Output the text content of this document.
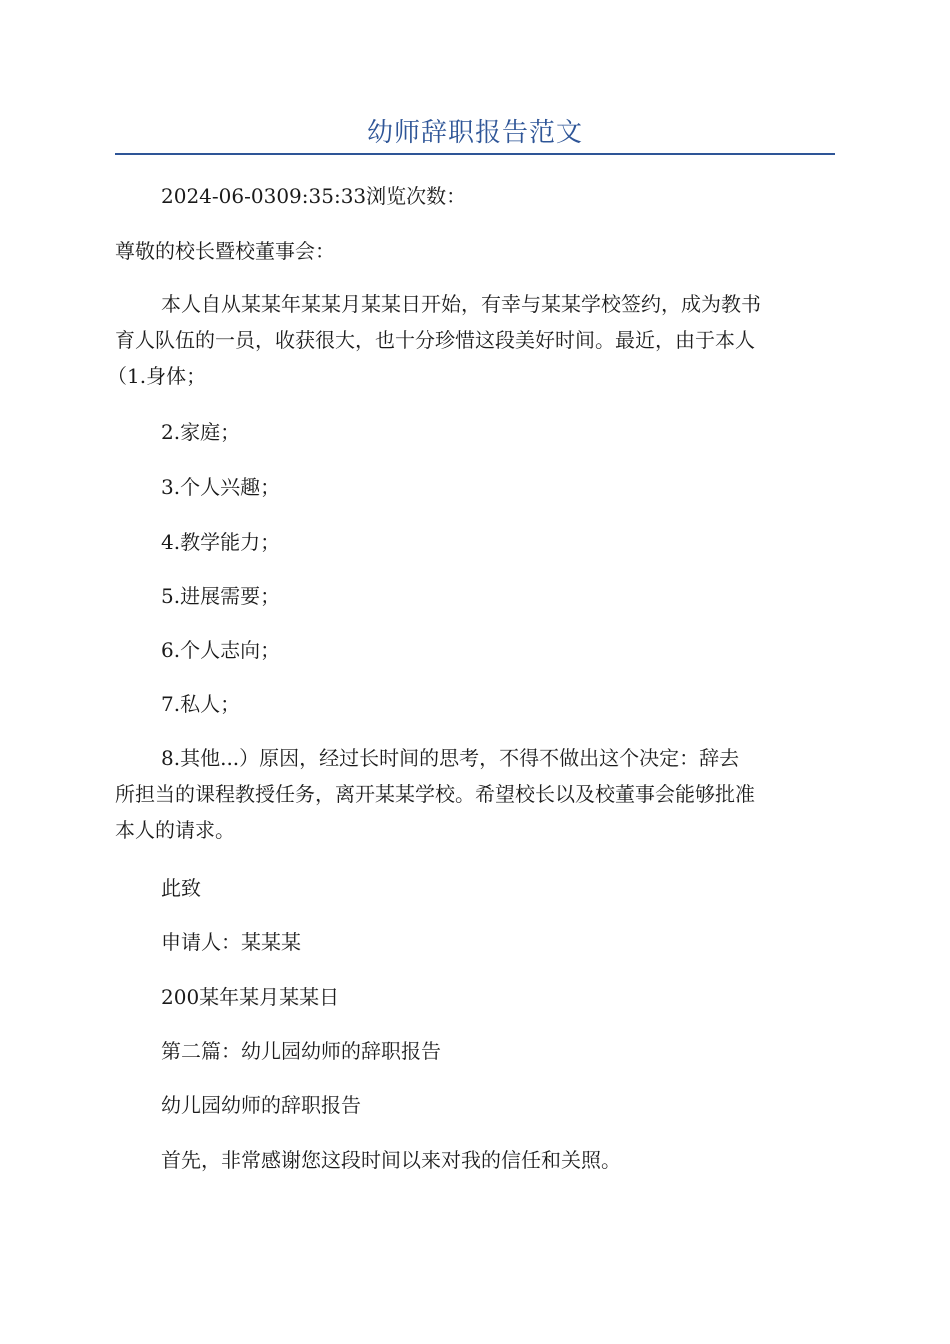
幼师辞职报告范文

2024-06-0309:35:33浏览次数：

尊敬的校长暨校董事会：

本人自从某某年某某月某某日开始，有幸与某某学校签约，成为教书
育人队伍的一员，收获很大，也十分珍惜这段美好时间。最近，由于本人
（1.身体；

2.家庭；

3.个人兴趣；

4.教学能力；

5.进展需要；

6.个人志向；

7.私人；

8.其他...）原因，经过长时间的思考，不得不做出这个决定：辞去
所担当的课程教授任务，离开某某学校。希望校长以及校董事会能够批准
本人的请求。

此致

申请人：某某某

200某年某月某某日

第二篇：幼儿园幼师的辞职报告

幼儿园幼师的辞职报告

首先，非常感谢您这段时间以来对我的信任和关照。
